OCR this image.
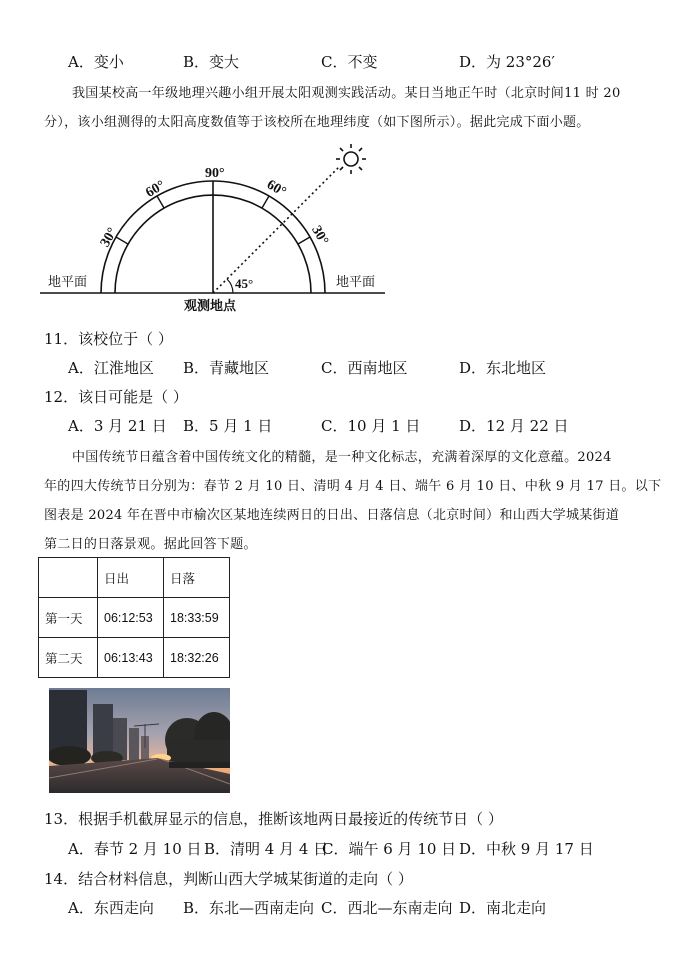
A．变小	B．变大	C．不变	D．为 23°26′
我国某校高一年级地理兴趣小组开展太阳观测实践活动。某日当地正午时（北京时间11 时 20
分），该小组测得的太阳高度数值等于该校所在地理纬度（如下图所示）。据此完成下面小题。
90°
60°	60°
30°	30°
45°
地平面	地平面
观测地点
11．该校位于（ ）
A．江淮地区 B．青藏地区	C．西南地区	D．东北地区
12．该日可能是（ ）
A．3 月 21 日 B．5 月 1 日	C．10 月 1 日	D．12 月 22 日
中国传统节日蕴含着中国传统文化的精髓，是一种文化标志，充满着深厚的文化意蕴。2024
年的四大传统节日分别为：春节 2 月 10 日、清明 4 月 4 日、端午 6 月 10 日、中秋 9 月 17 日。以下
图表是 2024 年在晋中市榆次区某地连续两日的日出、日落信息（北京时间）和山西大学城某街道
第二日的日落景观。据此回答下题。
	日出	日落
第一天	06:12:53	18:33:59
第二天	06:13:43	18:32:26
13．根据手机截屏显示的信息，推断该地两日最接近的传统节日（ ）
A．春节 2 月 10 日 B．清明 4 月 4 日
C．端午 6 月 10 日 D．中秋 9 月 17 日
14．结合材料信息，判断山西大学城某街道的走向（ ）
A．东西走向 B．东北—西南走向 C．西北—东南走向 D．南北走向
